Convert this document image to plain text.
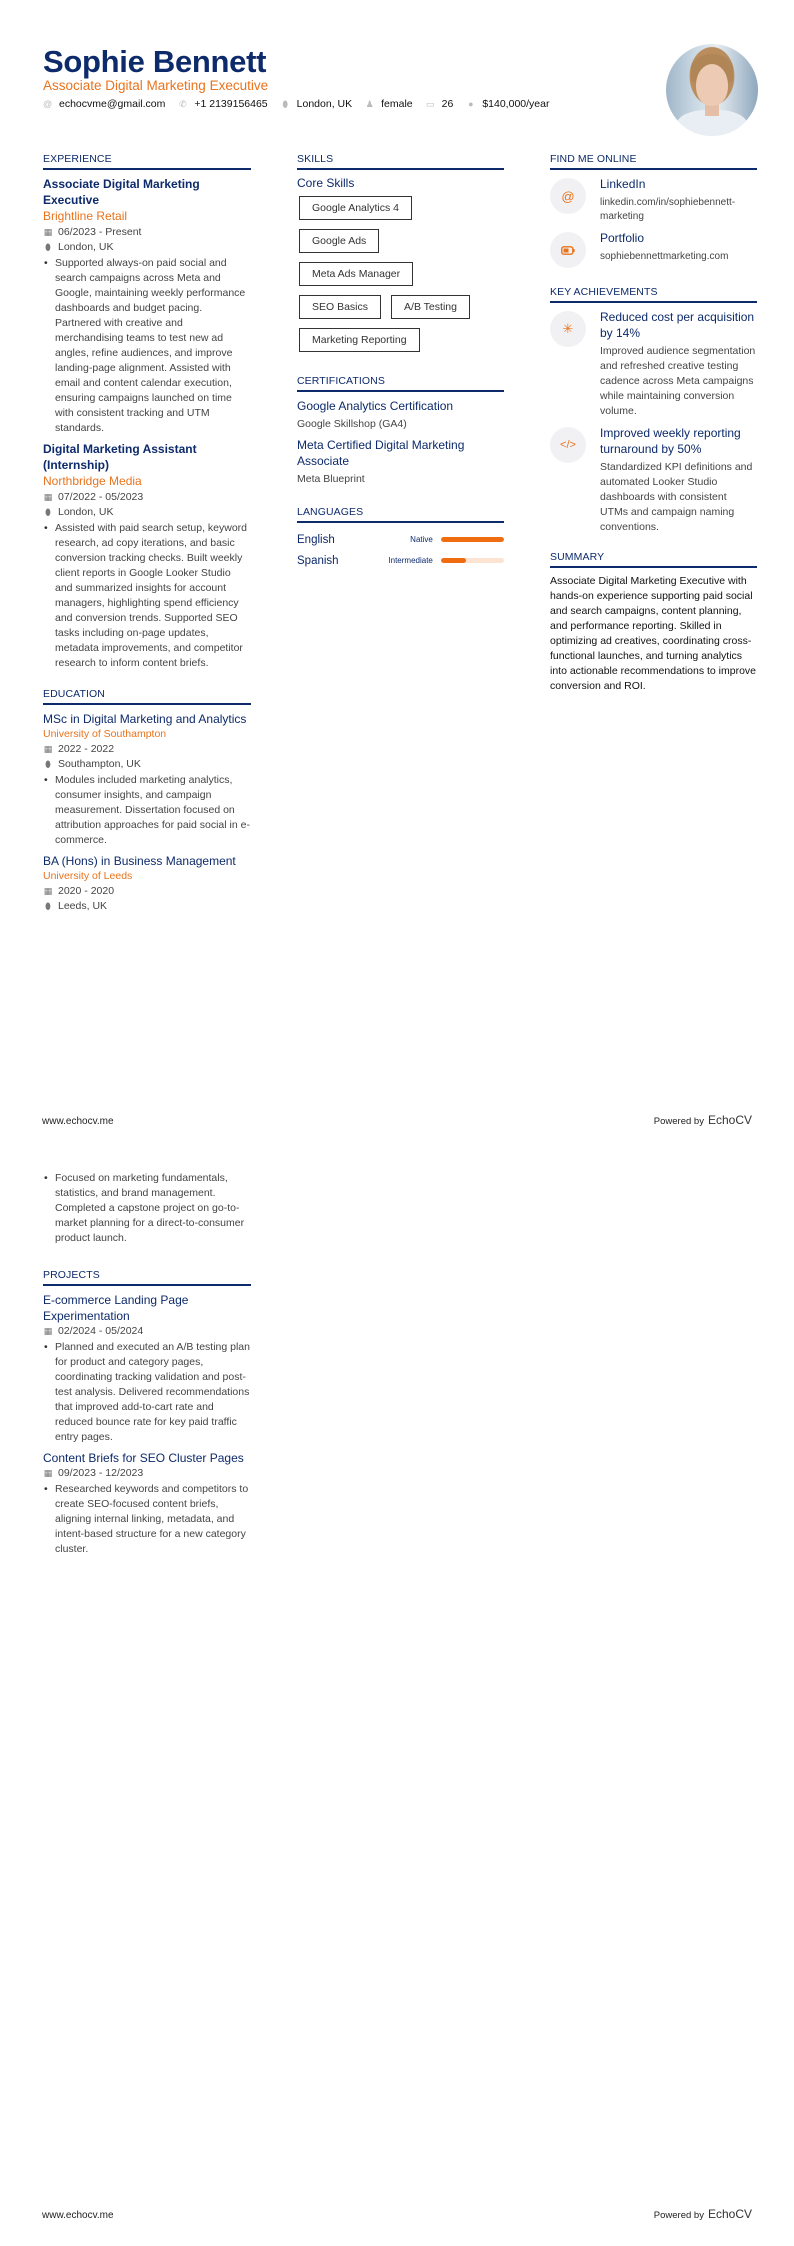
Sophie Bennett
Associate Digital Marketing Executive
@ echocvme@gmail.com ✆ +1 2139156465 ⬮ London, UK ♟ female ▭ 26 ● $140,000/year
EXPERIENCE
Associate Digital Marketing Executive
Brightline Retail
▦ 06/2023 - Present
⬮ London, UK
• Supported always-on paid social and search campaigns across Meta and Google, maintaining weekly performance dashboards and budget pacing. Partnered with creative and merchandising teams to test new ad angles, refine audiences, and improve landing-page alignment. Assisted with email and content calendar execution, ensuring campaigns launched on time with consistent tracking and UTM standards.
Digital Marketing Assistant (Internship)
Northbridge Media
▦ 07/2022 - 05/2023
⬮ London, UK
• Assisted with paid search setup, keyword research, ad copy iterations, and basic conversion tracking checks. Built weekly client reports in Google Looker Studio and summarized insights for account managers, highlighting spend efficiency and conversion trends. Supported SEO tasks including on-page updates, metadata improvements, and competitor research to inform content briefs.
EDUCATION
MSc in Digital Marketing and Analytics
University of Southampton
▦ 2022 - 2022
⬮ Southampton, UK
• Modules included marketing analytics, consumer insights, and campaign measurement. Dissertation focused on attribution approaches for paid social in e-commerce.
BA (Hons) in Business Management
University of Leeds
▦ 2020 - 2020
⬮ Leeds, UK
SKILLS
Core Skills
Google Analytics 4
Google Ads
Meta Ads Manager
SEO Basics	A/B Testing
Marketing Reporting
CERTIFICATIONS
Google Analytics Certification
Google Skillshop (GA4)
Meta Certified Digital Marketing Associate
Meta Blueprint
LANGUAGES
English	Native
Spanish	Intermediate
FIND ME ONLINE
@
LinkedIn
linkedin.com/in/sophiebennett-marketing
Portfolio
sophiebennettmarketing.com
KEY ACHIEVEMENTS
✳
Reduced cost per acquisition by 14%
Improved audience segmentation and refreshed creative testing cadence across Meta campaigns while maintaining conversion volume.
</>
Improved weekly reporting turnaround by 50%
Standardized KPI definitions and automated Looker Studio dashboards with consistent UTMs and campaign naming conventions.
SUMMARY
Associate Digital Marketing Executive with hands-on experience supporting paid social and search campaigns, content planning, and performance reporting. Skilled in optimizing ad creatives, coordinating cross-functional launches, and turning analytics into actionable recommendations to improve conversion and ROI.
www.echocv.me	Powered by EchoCV
• Focused on marketing fundamentals, statistics, and brand management. Completed a capstone project on go-to-market planning for a direct-to-consumer product launch.
PROJECTS
E-commerce Landing Page Experimentation
▦ 02/2024 - 05/2024
• Planned and executed an A/B testing plan for product and category pages, coordinating tracking validation and post-test analysis. Delivered recommendations that improved add-to-cart rate and reduced bounce rate for key paid traffic entry pages.
Content Briefs for SEO Cluster Pages
▦ 09/2023 - 12/2023
• Researched keywords and competitors to create SEO-focused content briefs, aligning internal linking, metadata, and intent-based structure for a new category cluster.
www.echocv.me	Powered by EchoCV
